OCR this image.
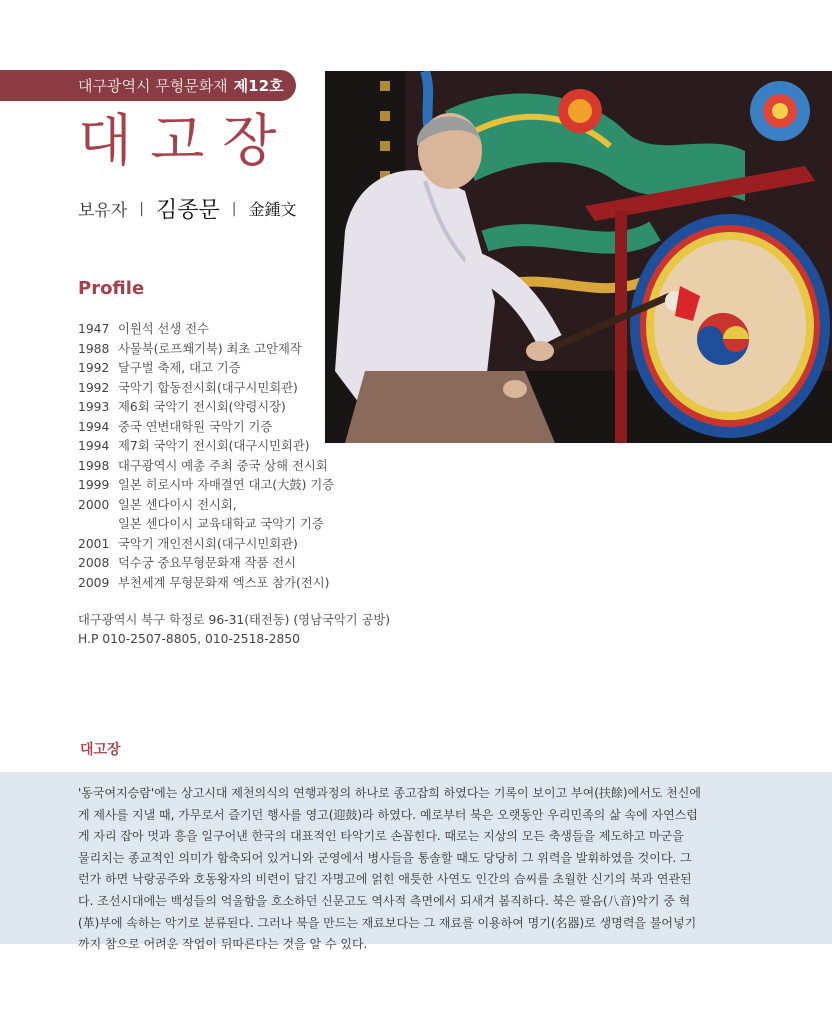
대구광역시 무형문화재 제12호
대고장
보유자 | 김종문 | 金鍾文
Profile
1947 이원석 선생 전수
1988 사물북(로프쐐기북) 최초 고안제작
1992 달구벌 축제, 대고 기증
1992 국악기 합동전시회(대구시민회관)
1993 제6회 국악기 전시회(약령시장)
1994 중국 연변대학원 국악기 기증
1994 제7회 국악기 전시회(대구시민회관)
1998 대구광역시 예총 주최 중국 상해 전시회
1999 일본 히로시마 자매결연 대고(大鼓) 기증
2000 일본 센다이시 전시회,
일본 센다이시 교육대학교 국악기 기증
2001 국악기 개인전시회(대구시민회관)
2008 덕수궁 중요무형문화재 작품 전시
2009 부천세계 무형문화재 엑스포 참가(전시)
대구광역시 북구 학정로 96-31(태전동) (영남국악기 공방)
H.P 010-2507-8805, 010-2518-2850
대고장

'동국여지승람'에는 상고시대 제천의식의 연행과정의 하나로 종고잡희 하였다는 기록이 보이고 부여(扶餘)에서도 천신에

게 제사를 지낼 때, 가무로서 즐기던 행사를 영고(迎鼓)라 하였다. 예로부터 북은 오랫동안 우리민족의 삶 속에 자연스럽

게 자리 잡아 멋과 흥을 일구어낸 한국의 대표적인 타악기로 손꼽힌다. 때로는 지상의 모든 축생들을 제도하고 마군을

물리치는 종교적인 의미가 함축되어 있거니와 군영에서 병사들을 통솔할 때도 당당히 그 위력을 발휘하였을 것이다. 그

런가 하면 낙랑공주와 호동왕자의 비련이 담긴 자명고에 얽힌 애틋한 사연도 인간의 슴씨를 초월한 신기의 북과 연관된

다. 조선시대에는 백성들의 억울함을 호소하던 신문고도 역사적 측면에서 되새겨 봄직하다. 북은 팔음(八音)악기 중 혁

(革)부에 속하는 악기로 분류된다. 그러나 북을 만드는 재료보다는 그 재료를 이용하여 명기(名器)로 생명력을 불어넣기

까지 참으로 어려운 작업이 뒤따른다는 것을 알 수 있다.
